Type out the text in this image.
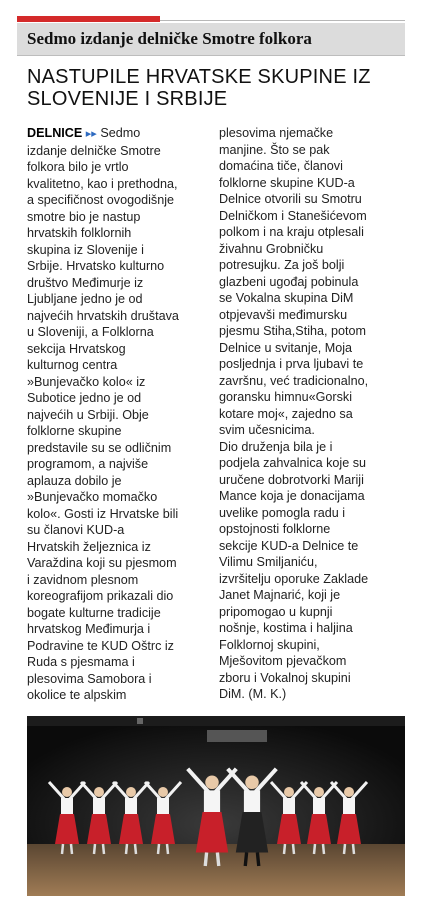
Sedmo izdanje delničke Smotre folkora
NASTUPILE HRVATSKE SKUPINE IZ
SLOVENIJE I SRBIJE
DELNICE ▸▸ Sedmo
izdanje delničke Smotre
folkora bilo je vrtlo
kvalitetno, kao i prethodna,
a specifičnost ovogodišnje
smotre bio je nastup
hrvatskih folklornih
skupina iz Slovenije i
Srbije. Hrvatsko kulturno
društvo Međimurje iz
Ljubljane jedno je od
najvećih hrvatskih društava
u Sloveniji, a Folklorna
sekcija Hrvatskog
kulturnog centra
»Bunjevačko kolo« iz
Subotice jedno je od
najvećih u Srbiji. Obje
folklorne skupine
predstavile su se odličnim
programom, a najviše
aplauza dobilo je
»Bunjevačko momačko
kolo«. Gosti iz Hrvatske bili
su članovi KUD-a
Hrvatskih željeznica iz
Varaždina koji su pjesmom
i zavidnom plesnom
koreografijom prikazali dio
bogate kulturne tradicije
hrvatskog Međimurja i
Podravine te KUD Oštrc iz
Ruda s pjesmama i
plesovima Samobora i
okolice te alpskim
plesovima njemačke
manjine. Što se pak
domaćina tiče, članovi
folklorne skupine KUD-a
Delnice otvorili su Smotru
Delničkom i Stanešićevom
polkom i na kraju otplesali
živahnu Grobničku
potresujku. Za još bolji
glazbeni ugođaj pobinula
se Vokalna skupina DiM
otpjevavši međimursku
pjesmu Stiha,Stiha, potom
Delnice u svitanje, Moja
posljednja i prva ljubavi te
završnu, već tradicionalno,
goransku himnu«Gorski
kotare moj«, zajedno sa
svim učesnicima.
Dio druženja bila je i
podjela zahvalnica koje su
uručene dobrotvorki Mariji
Mance koja je donacijama
uvelike pomogla radu i
opstojnosti folklorne
sekcije KUD-a Delnice te
Vilimu Smiljaniću,
izvršitelju oporuke Zaklade
Janet Majnarić, koji je
pripomogao u kupnji
nošnje, kostima i haljina
Folklornoj skupini,
Mješovitom pjevačkom
zboru i Vokalnoj skupini
DiM. (M. K.)
